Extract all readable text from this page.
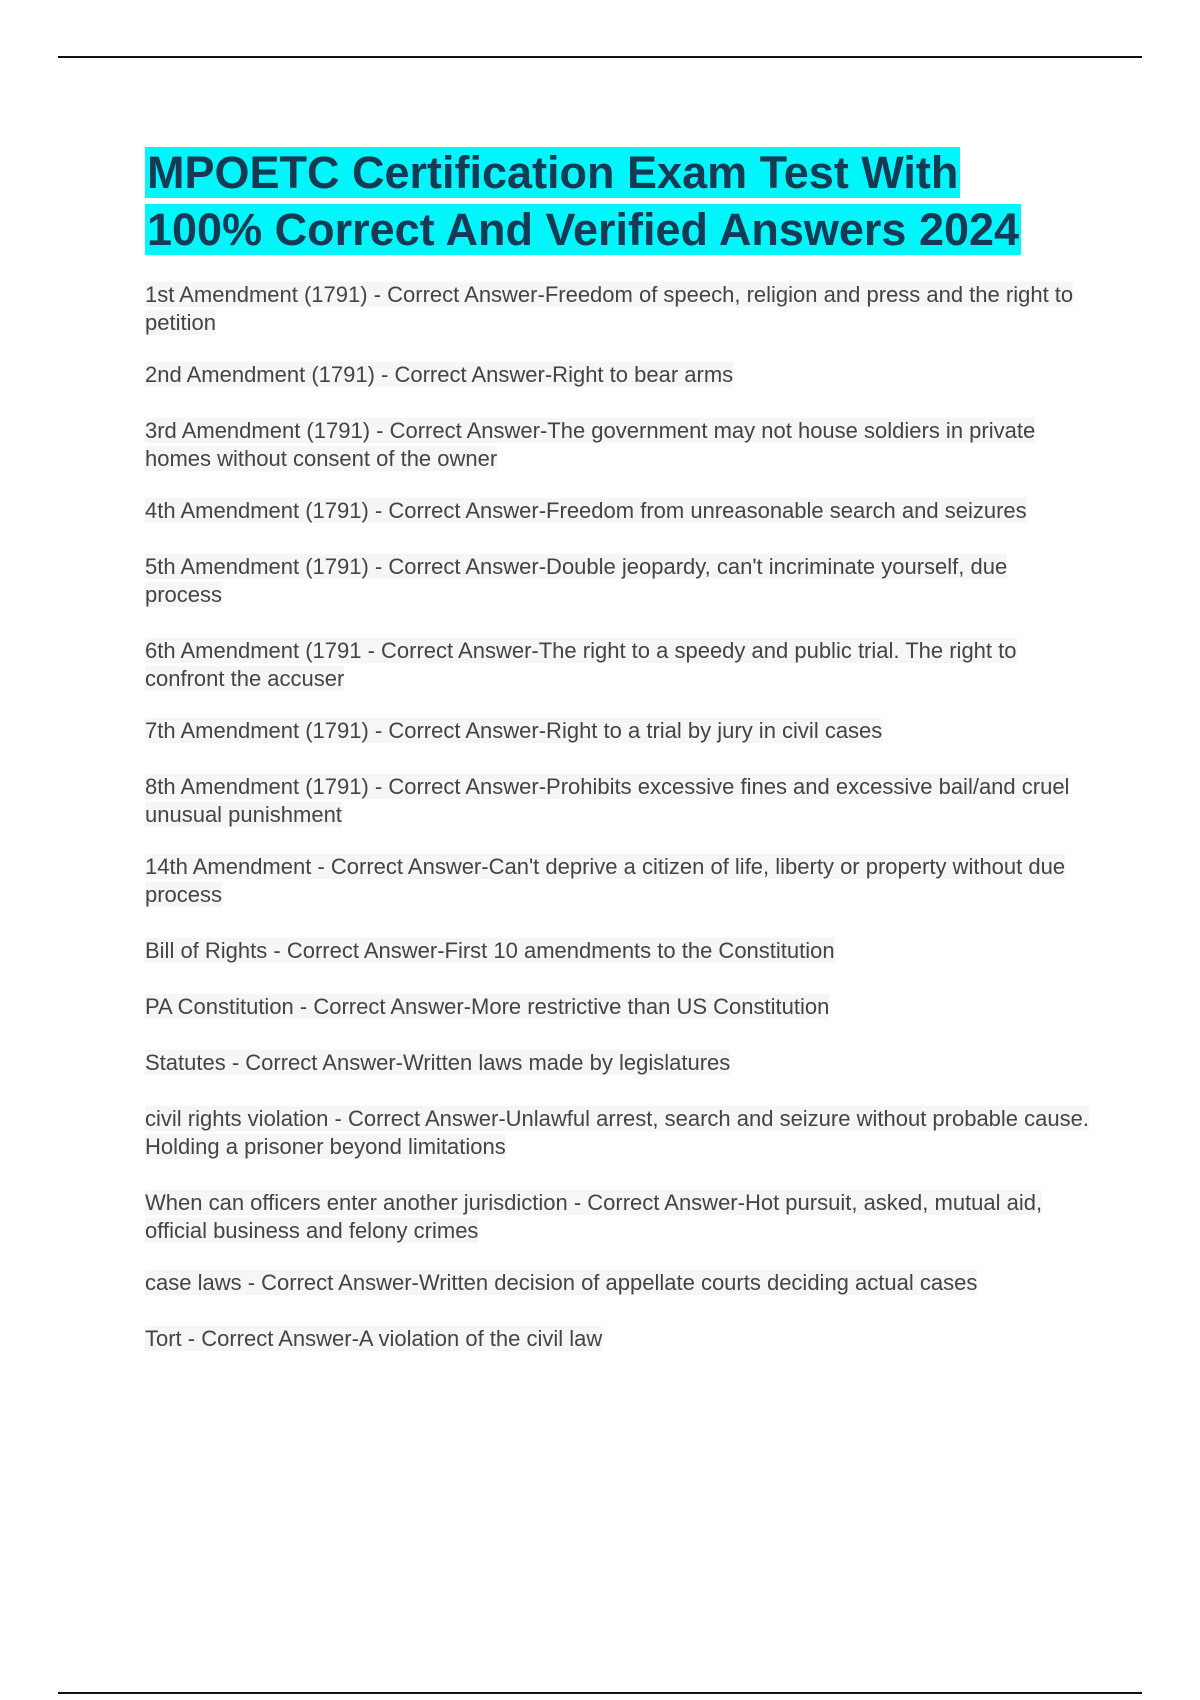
MPOETC Certification Exam Test With
100% Correct And Verified Answers 2024
1st Amendment (1791) - Correct Answer-Freedom of speech, religion and press and the right to petition
2nd Amendment (1791) - Correct Answer-Right to bear arms
3rd Amendment (1791) - Correct Answer-The government may not house soldiers in private homes without consent of the owner
4th Amendment (1791) - Correct Answer-Freedom from unreasonable search and seizures
5th Amendment (1791) - Correct Answer-Double jeopardy, can't incriminate yourself, due process
6th Amendment (1791 - Correct Answer-The right to a speedy and public trial. The right to confront the accuser
7th Amendment (1791) - Correct Answer-Right to a trial by jury in civil cases
8th Amendment (1791) - Correct Answer-Prohibits excessive fines and excessive bail/and cruel unusual punishment
14th Amendment - Correct Answer-Can't deprive a citizen of life, liberty or property without due process
Bill of Rights - Correct Answer-First 10 amendments to the Constitution
PA Constitution - Correct Answer-More restrictive than US Constitution
Statutes - Correct Answer-Written laws made by legislatures
civil rights violation - Correct Answer-Unlawful arrest, search and seizure without probable cause. Holding a prisoner beyond limitations
When can officers enter another jurisdiction - Correct Answer-Hot pursuit, asked, mutual aid, official business and felony crimes
case laws - Correct Answer-Written decision of appellate courts deciding actual cases
Tort - Correct Answer-A violation of the civil law
